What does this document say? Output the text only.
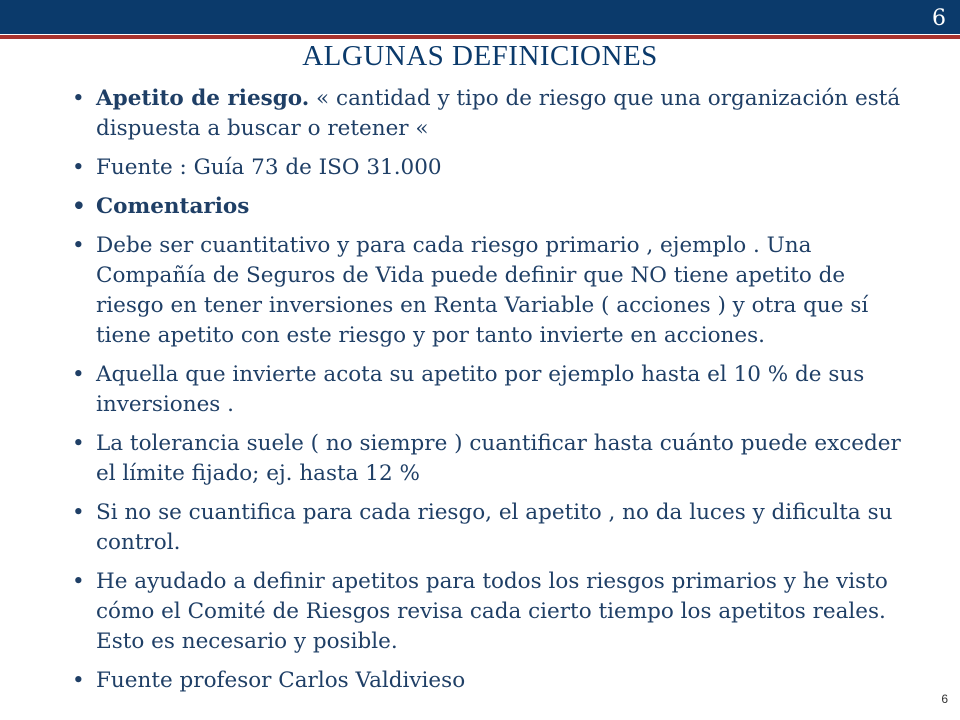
6
ALGUNAS DEFINICIONES
• Apetito de riesgo. « cantidad y tipo de riesgo que una organización está dispuesta a buscar o retener «
• Fuente : Guía 73 de ISO 31.000
• Comentarios
• Debe ser cuantitativo y para cada riesgo primario , ejemplo . Una Compañía de Seguros de Vida puede definir que NO tiene apetito de riesgo en tener inversiones en Renta Variable ( acciones ) y otra que sí tiene apetito con este riesgo y por tanto invierte en acciones.
• Aquella que invierte acota su apetito por ejemplo hasta el 10 % de sus inversiones .
• La tolerancia suele ( no siempre ) cuantificar hasta cuánto puede exceder el límite fijado; ej. hasta 12 %
• Si no se cuantifica para cada riesgo, el apetito , no da luces y dificulta su control.
• He ayudado a definir apetitos para todos los riesgos primarios y he visto cómo el Comité de Riesgos revisa cada cierto tiempo los apetitos reales. Esto es necesario y posible.
• Fuente profesor Carlos Valdivieso
6
